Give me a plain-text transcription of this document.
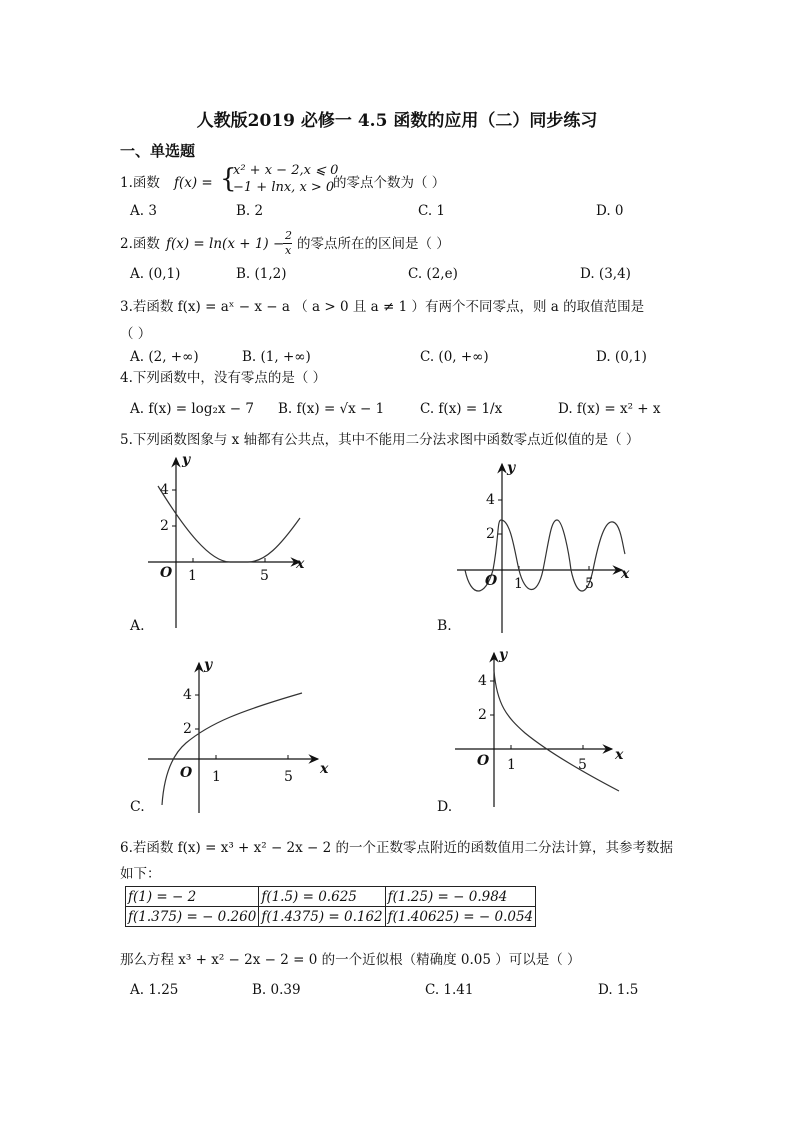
人教版2019 必修一 4.5 函数的应用（二）同步练习
一、单选题
1.函数 f(x) = {
x² + x − 2,x ⩽ 0
−1 + lnx, x > 0
的零点个数为（ ）
A. 3	B. 2	C. 1	D. 0
2.函数 f(x) = ln(x + 1) −
2
x 的零点所在的区间是（ ）
A. (0,1)	B. (1,2)	C. (2,e)	D. (3,4)
3.若函数 f(x) = aˣ − x − a （ a > 0 且 a ≠ 1 ）有两个不同零点，则 a 的取值范围是
（ ）
A. (2, +∞)	B. (1, +∞)	C. (0, +∞)	D. (0,1)
4.下列函数中，没有零点的是（ ）
A. f(x) = log₂x − 7 B. f(x) = √x − 1	C. f(x) = 1/x	D. f(x) = x² + x
5.下列函数图象与 x 轴都有公共点，其中不能用二分法求图中函数零点近似值的是（ ）
4
2
1	5
O
x
y
A.
4
2
1	5
O	x
y
B.
4
2
1	5
O	x
y
C.
4
2
1	5
O	x
y
D.
6.若函数 f(x) = x³ + x² − 2x − 2 的一个正数零点附近的函数值用二分法计算，其参考数据
如下：
f(1) = − 2	f(1.5) = 0.625	f(1.25) = − 0.984
f(1.375) = − 0.260	f(1.4375) = 0.162	f(1.40625) = − 0.054
那么方程 x³ + x² − 2x − 2 = 0 的一个近似根（精确度 0.05 ）可以是（ ）
A. 1.25	B. 0.39	C. 1.41	D. 1.5
